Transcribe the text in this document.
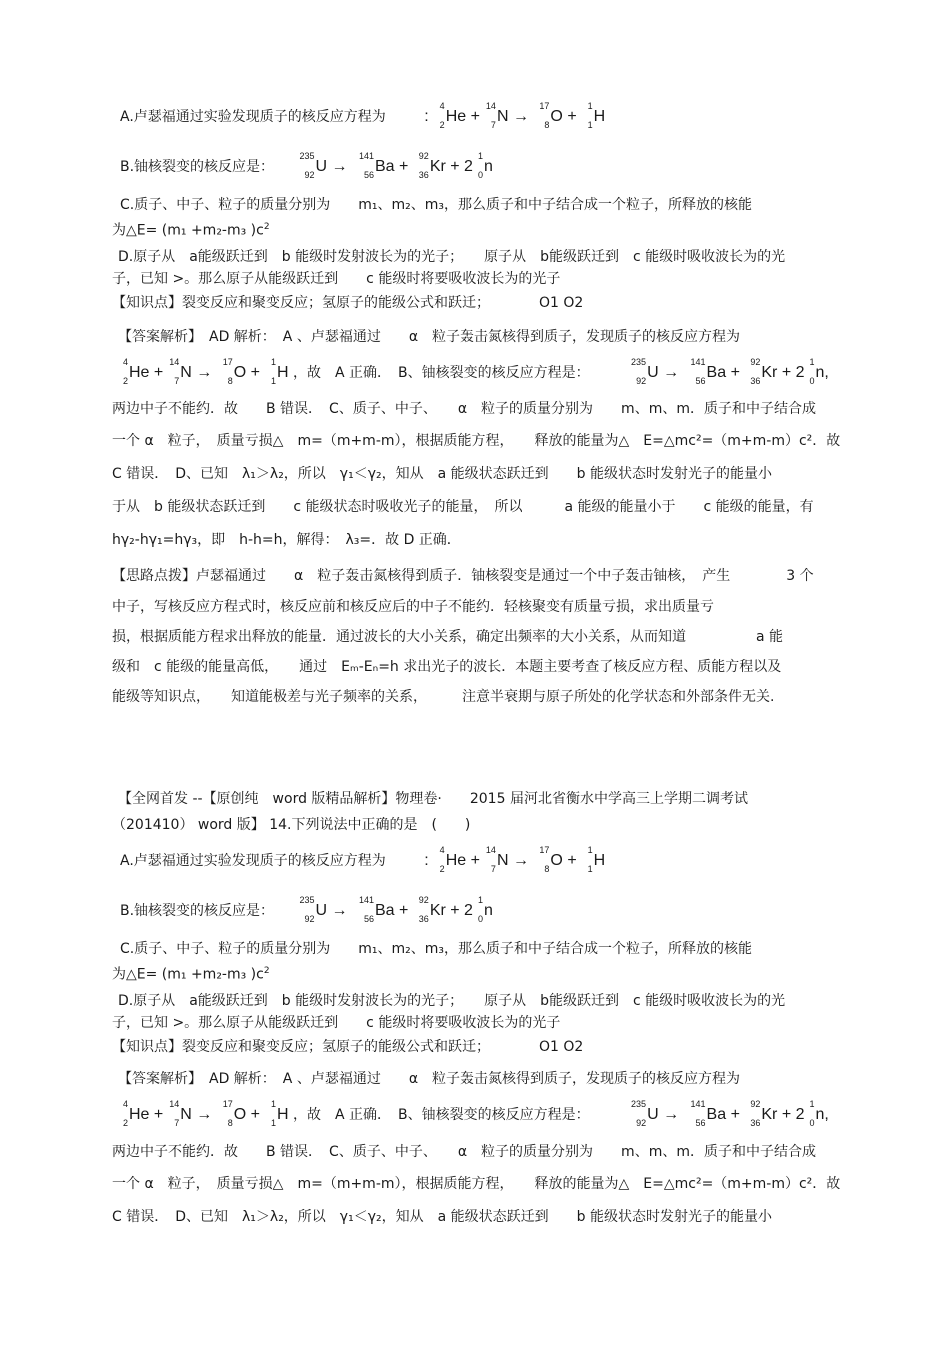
A.卢瑟福通过实验发现质子的核反应方程为 :
4
2 He +
14
7 N →
17
8 O +
1
1 H
B.铀核裂变的核反应是：
235
92 U →
141
56 Ba +
92
36 Kr + 2
1
0 n
C.质子、中子、粒子的质量分别为　　m₁、m₂、m₃，那么质子和中子结合成一个粒子，所释放的核能
为△E= (m₁ +m₂-m₃ )$c^2$
D.原子从　a能级跃迁到　b 能级时发射波长为的光子；　　原子从　b能级跃迁到　c 能级时吸收波长为的光
子，已知 >。那么原子从能级跃迁到　　c 能级时将要吸收波长为的光子
【知识点】裂变反应和聚变反应；氢原子的能级公式和跃迁；　　　　O1 O2
【答案解析】　AD 解析：　A 、卢瑟福通过　　α　粒子轰击氮核得到质子，发现质子的核反应方程为
4
2 He +
14
7 N →
17
8 O +
1
1 H ，故　A 正确．　B、铀核裂变的核反应方程是：
235
92 U →
141
56 Ba +
92
36 Kr + 2
1
0 n,
两边中子不能约．故　　B 错误．　C、质子、中子、　　α　粒子的质量分别为　　m、m、m．质子和中子结合成
一个 α　粒子，　质量亏损△　m=（m+m-m），根据质能方程，　　释放的能量为△　E=△mc²=（m+m-m）c²．故
C 错误．　D、已知　λ₁＞λ₂，所以　γ₁＜γ₂，知从　a 能级状态跃迁到　　b 能级状态时发射光子的能量小
于从　b 能级状态跃迁到　　c 能级状态时吸收光子的能量，　所以　　　a 能级的能量小于　　c 能级的能量，有
hγ₂-hγ₁=hγ₃，即　h-h=h，解得：　λ₃=．故 D 正确．
【思路点拨】卢瑟福通过　　α　粒子轰击氮核得到质子．铀核裂变是通过一个中子轰击铀核，　产生　　　　3 个
中子，写核反应方程式时，核反应前和核反应后的中子不能约．轻核聚变有质量亏损，求出质量亏
损，根据质能方程求出释放的能量．通过波长的大小关系，确定出频率的大小关系，从而知道　　　　　a 能
级和　c 能级的能量高低，　　通过　Eₘ-Eₙ=h 求出光子的波长．本题主要考查了核反应方程、质能方程以及
能级等知识点，　　知道能极差与光子频率的关系，　　　注意半衰期与原子所处的化学状态和外部条件无关.
【全网首发 --【原创纯　word 版精品解析】物理卷·　　2015 届河北省衡水中学高三上学期二调考试
（201410） word 版】 14.下列说法中正确的是　(　　)
A.卢瑟福通过实验发现质子的核反应方程为 :
4
2 He +
14
7 N →
17
8 O +
1
1 H
B.铀核裂变的核反应是：
235
92 U →
141
56 Ba +
92
36 Kr + 2
1
0 n
C.质子、中子、粒子的质量分别为　　m₁、m₂、m₃，那么质子和中子结合成一个粒子，所释放的核能
为△E= (m₁ +m₂-m₃ )$c^2$
D.原子从　a能级跃迁到　b 能级时发射波长为的光子；　　原子从　b能级跃迁到　c 能级时吸收波长为的光
子，已知 >。那么原子从能级跃迁到　　c 能级时将要吸收波长为的光子
【知识点】裂变反应和聚变反应；氢原子的能级公式和跃迁；　　　　O1 O2
【答案解析】　AD 解析：　A 、卢瑟福通过　　α　粒子轰击氮核得到质子，发现质子的核反应方程为
4
2 He +
14
7 N →
17
8 O +
1
1 H ，故　A 正确．　B、铀核裂变的核反应方程是：
235
92 U →
141
56 Ba +
92
36 Kr + 2
1
0 n,
两边中子不能约．故　　B 错误．　C、质子、中子、　　α　粒子的质量分别为　　m、m、m．质子和中子结合成
一个 α　粒子，　质量亏损△　m=（m+m-m），根据质能方程，　　释放的能量为△　E=△mc²=（m+m-m）c²．故
C 错误．　D、已知　λ₁＞λ₂，所以　γ₁＜γ₂，知从　a 能级状态跃迁到　　b 能级状态时发射光子的能量小
